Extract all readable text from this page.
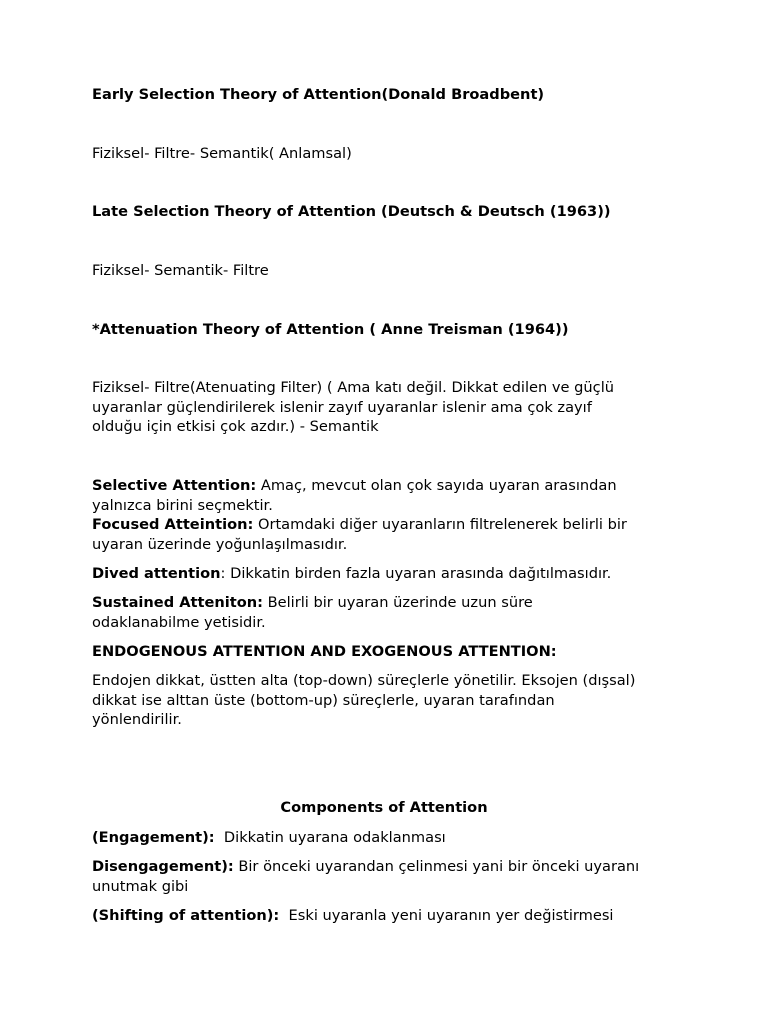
Early Selection Theory of Attention(Donald Broadbent)

Fiziksel- Filtre- Semantik( Anlamsal)

Late Selection Theory of Attention (Deutsch & Deutsch (1963))

Fiziksel- Semantik- Filtre

*Attenuation Theory of Attention ( Anne Treisman (1964))

Fiziksel- Filtre(Atenuating Filter) ( Ama katı değil. Dikkat edilen ve güçlü
uyaranlar güçlendirilerek islenir zayıf uyaranlar islenir ama çok zayıf
olduğu için etkisi çok azdır.) - Semantik
Selective Attention: Amaç, mevcut olan çok sayıda uyaran arasından
yalnızca birini seçmektir.
Focused Atteintion: Ortamdaki diğer uyaranların filtrelenerek belirli bir
uyaran üzerinde yoğunlaşılmasıdır.
Dived attention: Dikkatin birden fazla uyaran arasında dağıtılmasıdır.
Sustained Atteniton: Belirli bir uyaran üzerinde uzun süre
odaklanabilme yetisidir.

ENDOGENOUS ATTENTION AND EXOGENOUS ATTENTION:

Endojen dikkat, üstten alta (top-down) süreçlerle yönetilir. Eksojen (dışsal)
dikkat ise alttan üste (bottom-up) süreçlerle, uyaran tarafından
yönlendirilir.

Components of Attention

(Engagement):  Dikkatin uyarana odaklanması
Disengagement): Bir önceki uyarandan çelinmesi yani bir önceki uyaranı
unutmak gibi
(Shifting of attention):  Eski uyaranla yeni uyaranın yer değistirmesi
